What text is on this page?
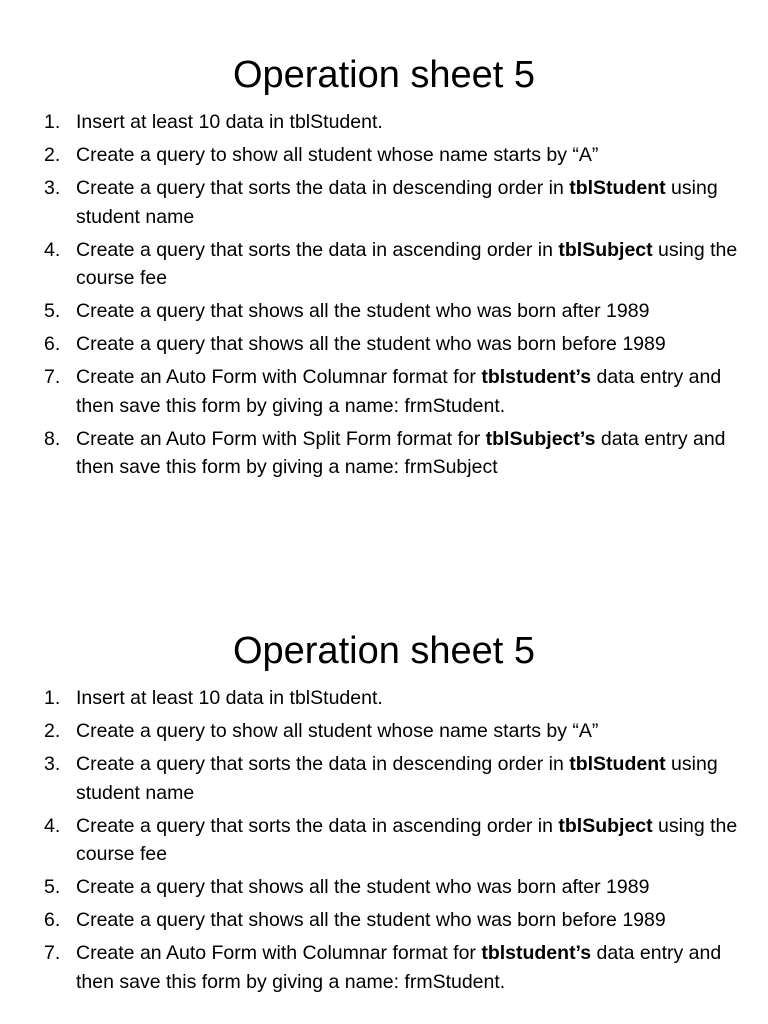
Operation sheet 5
1. Insert at least 10 data in tblStudent.
2. Create a query to show all student whose name starts by “A”
3. Create a query that sorts the data in descending order in tblStudent using student name
4. Create a query that sorts the data in ascending order in tblSubject using the course fee
5. Create a query that shows all the student who was born after 1989
6. Create a query that shows all the student who was born before 1989
7. Create an Auto Form with Columnar format for tblstudent’s data entry and then save this form by giving a name: frmStudent.
8. Create an Auto Form with Split Form format for tblSubject’s data entry and then save this form by giving a name: frmSubject
Operation sheet 5
1. Insert at least 10 data in tblStudent.
2. Create a query to show all student whose name starts by “A”
3. Create a query that sorts the data in descending order in tblStudent using student name
4. Create a query that sorts the data in ascending order in tblSubject using the course fee
5. Create a query that shows all the student who was born after 1989
6. Create a query that shows all the student who was born before 1989
7. Create an Auto Form with Columnar format for tblstudent’s data entry and then save this form by giving a name: frmStudent.
